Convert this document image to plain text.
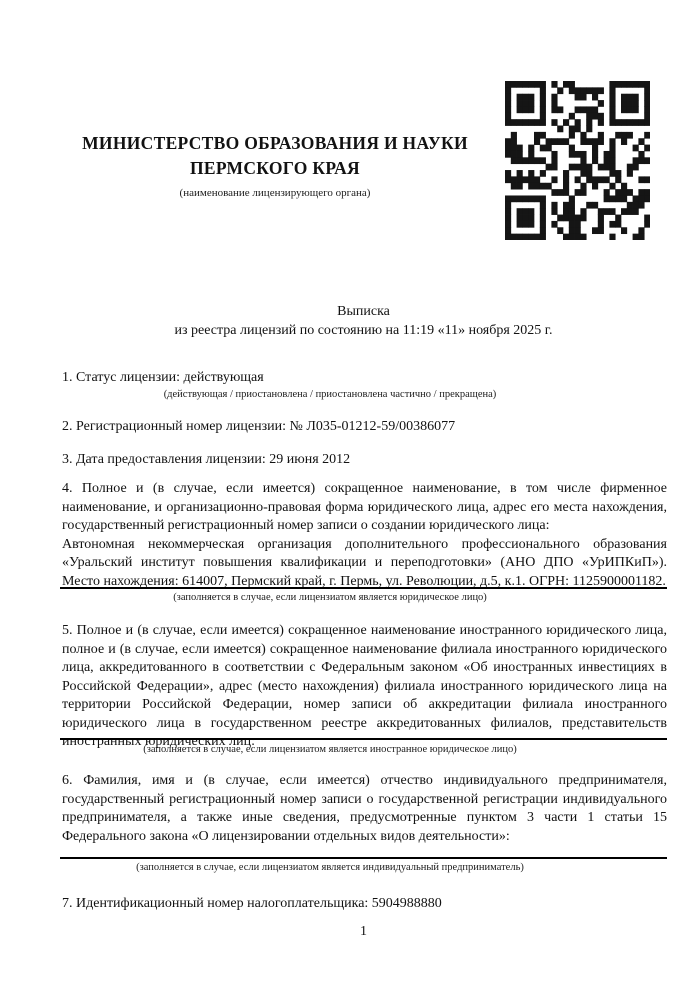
МИНИСТЕРСТВО ОБРАЗОВАНИЯ И НАУКИ
ПЕРМСКОГО КРАЯ
(наименование лицензирующего органа)
Выписка
из реестра лицензий по состоянию на 11:19 «11» ноября 2025 г.
1. Статус лицензии: действующая
(действующая / приостановлена / приостановлена частично / прекращена)
2. Регистрационный номер лицензии: № Л035-01212-59/00386077
3. Дата предоставления лицензии: 29 июня 2012

4. Полное и (в случае, если имеется) сокращенное наименование, в том числе фирменное наименование, и организационно-правовая форма юридического лица, адрес его места нахождения, государственный регистрационный номер записи о создании юридического лица:

Автономная некоммерческая организация дополнительного профессионального образования «Уральский институт повышения квалификации и переподготовки» (АНО ДПО «УрИПКиП»). Место нахождения: 614007, Пермский край, г. Пермь, ул. Революции, д.5, к.1. ОГРН: 1125900001182.

(заполняется в случае, если лицензиатом является юридическое лицо)

5. Полное и (в случае, если имеется) сокращенное наименование иностранного юридического лица, полное и (в случае, если имеется) сокращенное наименование филиала иностранного юридического лица, аккредитованного в соответствии с Федеральным законом «Об иностранных инвестициях в Российской Федерации», адрес (место нахождения) филиала иностранного юридического лица на территории Российской Федерации, номер записи об аккредитации филиала иностранного юридического лица в государственном реестре аккредитованных филиалов, представительств иностранных юридических лиц:

(заполняется в случае, если лицензиатом является иностранное юридическое лицо)

6. Фамилия, имя и (в случае, если имеется) отчество индивидуального предпринимателя, государственный регистрационный номер записи о государственной регистрации индивидуального предпринимателя, а также иные сведения, предусмотренные пунктом 3 части 1 статьи 15 Федерального закона «О лицензировании отдельных видов деятельности»:

(заполняется в случае, если лицензиатом является индивидуальный предприниматель)
7. Идентификационный номер налогоплательщика: 5904988880
1
